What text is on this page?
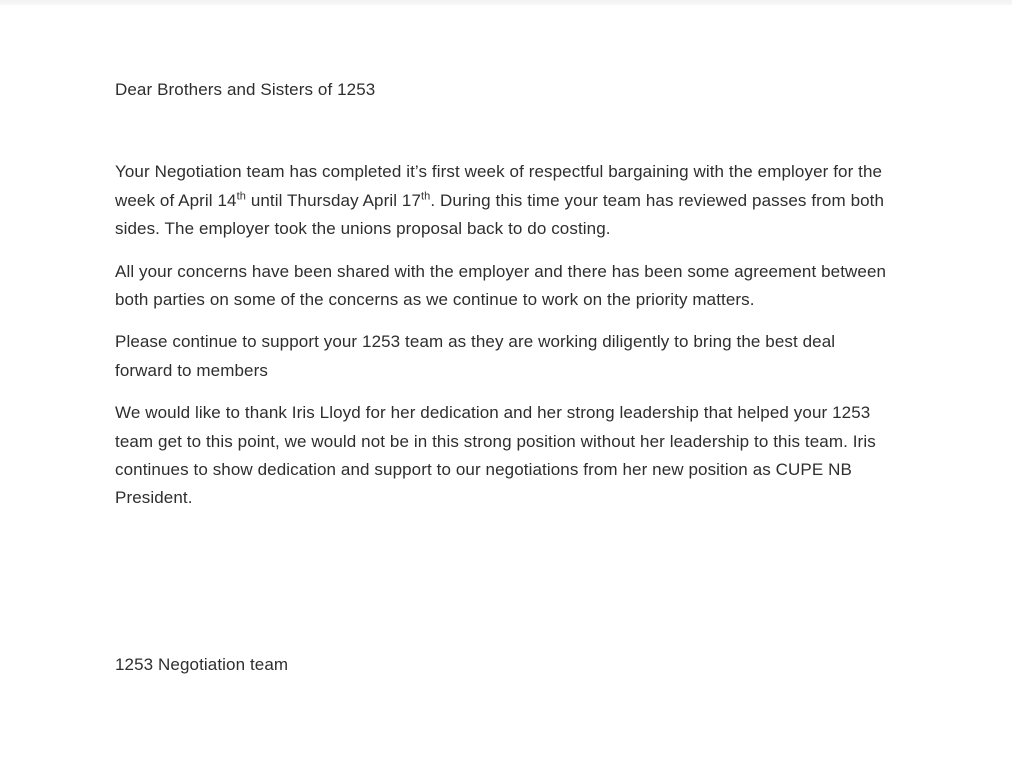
Dear Brothers and Sisters of 1253

Your Negotiation team has completed it’s first week of respectful bargaining with the employer for the week of April 14th until Thursday April 17th. During this time your team has reviewed passes from both sides. The employer took the unions proposal back to do costing.

All your concerns have been shared with the employer and there has been some agreement between both parties on some of the concerns as we continue to work on the priority matters.

Please continue to support your 1253 team as they are working diligently to bring the best deal forward to members

We would like to thank Iris Lloyd for her dedication and her strong leadership that helped your 1253 team get to this point, we would not be in this strong position without her leadership to this team. Iris continues to show dedication and support to our negotiations from her new position as CUPE NB President.

1253 Negotiation team
